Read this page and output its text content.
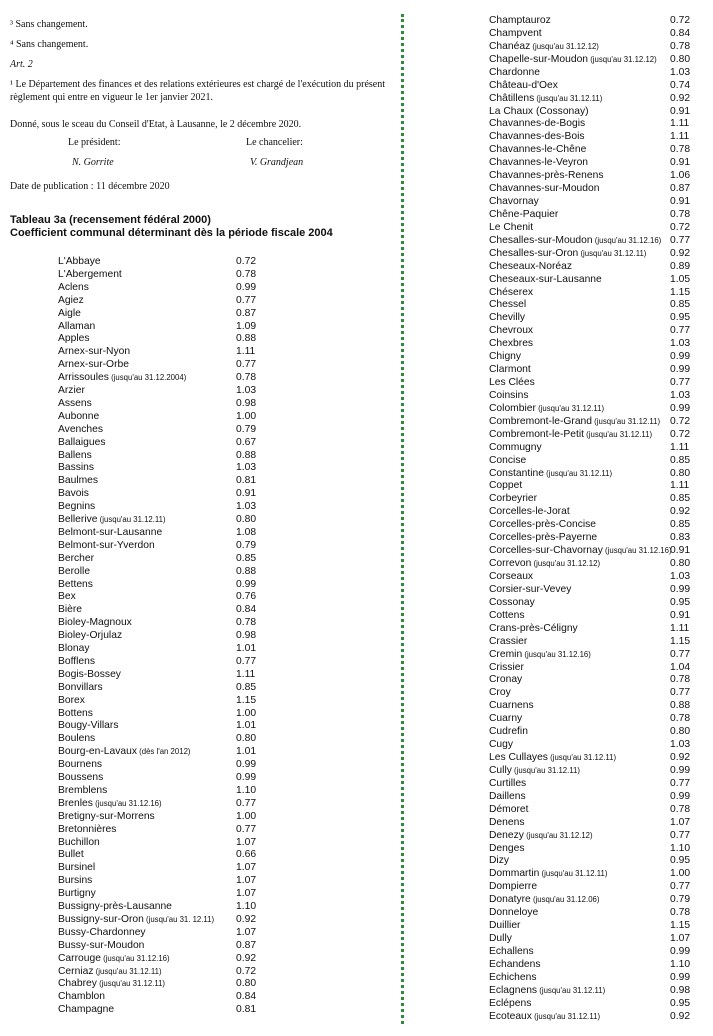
³ Sans changement.

⁴ Sans changement.

Art. 2

¹ Le Département des finances et des relations extérieures est chargé de l'exécution du présent règlement qui entre en vigueur le 1er janvier 2021.

Donné, sous le sceau du Conseil d'Etat, à Lausanne, le 2 décembre 2020.

Le président:	Le chancelier:

N. Gorrite	V. Grandjean

Date de publication : 11 décembre 2020

Tableau 3a (recensement fédéral 2000)
Coefficient communal déterminant dès la période fiscale 2004
L'Abbaye	0.72
L'Abergement	0.78
Aclens	0.99
Agiez	0.77
Aigle	0.87
Allaman	1.09
Apples	0.88
Arnex-sur-Nyon	1.11
Arnex-sur-Orbe	0.77
Arrissoules (jusqu'au 31.12.2004)	0.78
Arzier	1.03
Assens	0.98
Aubonne	1.00
Avenches	0.79
Ballaigues	0.67
Ballens	0.88
Bassins	1.03
Baulmes	0.81
Bavois	0.91
Begnins	1.03
Bellerive (jusqu'au 31.12.11)	0.80
Belmont-sur-Lausanne	1.08
Belmont-sur-Yverdon	0.79
Bercher	0.85
Berolle	0.88
Bettens	0.99
Bex	0.76
Bière	0.84
Bioley-Magnoux	0.78
Bioley-Orjulaz	0.98
Blonay	1.01
Bofflens	0.77
Bogis-Bossey	1.11
Bonvillars	0.85
Borex	1.15
Bottens	1.00
Bougy-Villars	1.01
Boulens	0.80
Bourg-en-Lavaux (dès l'an 2012)	1.01
Bournens	0.99
Boussens	0.99
Bremblens	1.10
Brenles (jusqu'au 31.12.16)	0.77
Bretigny-sur-Morrens	1.00
Bretonnières	0.77
Buchillon	1.07
Bullet	0.66
Bursinel	1.07
Bursins	1.07
Burtigny	1.07
Bussigny-près-Lausanne	1.10
Bussigny-sur-Oron (jusqu'au 31. 12.11) 0.92
Bussy-Chardonney	1.07
Bussy-sur-Moudon	0.87
Carrouge (jusqu'au 31.12.16)	0.92
Cerniaz (jusqu'au 31.12.11)	0.72
Chabrey (jusqu'au 31.12.11)	0.80
Chamblon	0.84
Champagne	0.81
Champtauroz	0.72
Champvent	0.84
Chanéaz (jusqu'au 31.12.12)	0.78
Chapelle-sur-Moudon (jusqu'au 31.12.12) 0.80
Chardonne	1.03
Château-d'Oex	0.74
Châtillens (jusqu'au 31.12.11)	0.92
La Chaux (Cossonay)	0.91
Chavannes-de-Bogis	1.11
Chavannes-des-Bois	1.11
Chavannes-le-Chêne	0.78
Chavannes-le-Veyron	0.91
Chavannes-près-Renens	1.06
Chavannes-sur-Moudon	0.87
Chavornay	0.91
Chêne-Paquier	0.78
Le Chenit	0.72
Chesalles-sur-Moudon (jusqu'au 31.12.16) 0.77
Chesalles-sur-Oron (jusqu'au 31.12.11) 0.92
Cheseaux-Noréaz	0.89
Cheseaux-sur-Lausanne	1.05
Chéserex	1.15
Chessel	0.85
Chevilly	0.95
Chevroux	0.77
Chexbres	1.03
Chigny	0.99
Clarmont	0.99
Les Clées	0.77
Coinsins	1.03
Colombier (jusqu'au 31.12.11)	0.99
Combremont-le-Grand (jusqu'au 31.12.11) 0.72
Combremont-le-Petit (jusqu'au 31.12.11) 0.72
Commugny	1.11
Concise	0.85
Constantine (jusqu'au 31.12.11)	0.80
Coppet	1.11
Corbeyrier	0.85
Corcelles-le-Jorat	0.92
Corcelles-près-Concise	0.85
Corcelles-près-Payerne	0.83
Corcelles-sur-Chavornay (jusqu'au 31.12.16)
0.91
Correvon (jusqu'au 31.12.12)	0.80
Corseaux	1.03
Corsier-sur-Vevey	0.99
Cossonay	0.95
Cottens	0.91
Crans-près-Céligny	1.11
Crassier	1.15
Cremin (jusqu'au 31.12.16)	0.77
Crissier	1.04
Cronay	0.78
Croy	0.77
Cuarnens	0.88
Cuarny	0.78
Cudrefin	0.80
Cugy	1.03
Les Cullayes (jusqu'au 31.12.11)	0.92
Cully (jusqu'au 31.12.11)	0.99
Curtilles	0.77
Daillens	0.99
Démoret	0.78
Denens	1.07
Denezy (jusqu'au 31.12.12)	0.77
Denges	1.10
Dizy	0.95
Dommartin (jusqu'au 31.12.11)	1.00
Dompierre	0.77
Donatyre (jusqu'au 31.12.06)	0.79
Donneloye	0.78
Duillier	1.15
Dully	1.07
Echallens	0.99
Echandens	1.10
Echichens	0.99
Eclagnens (jusqu'au 31.12.11)	0.98
Eclépens	0.95
Ecoteaux (jusqu'au 31.12.11)	0.92
